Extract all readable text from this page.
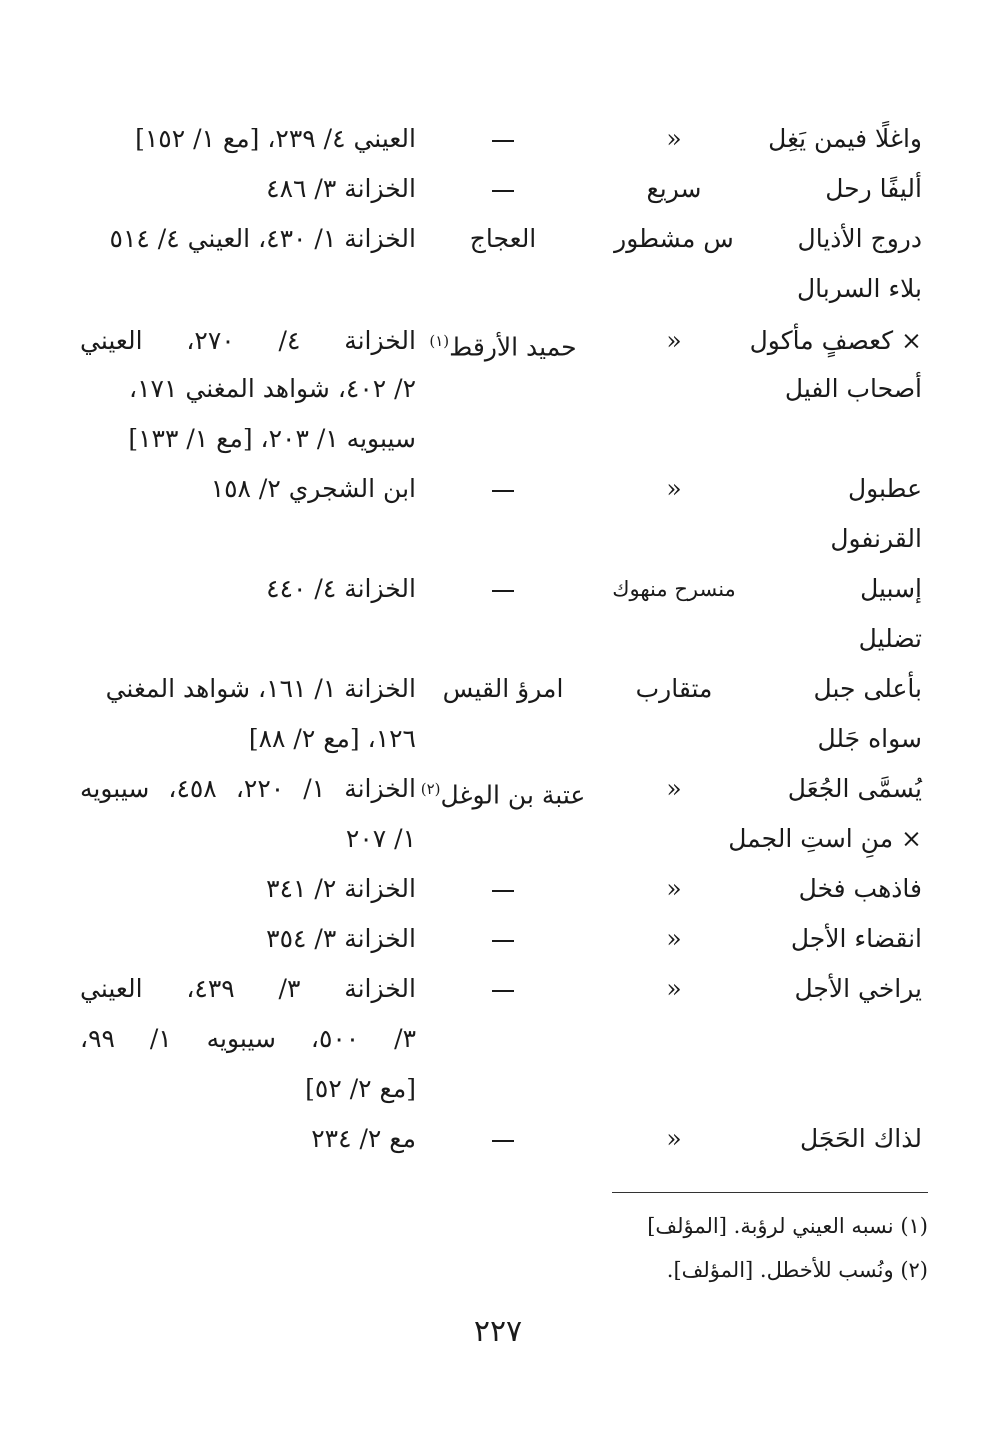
واغلًا فيمن يَغِل
«
العيني ٤/ ٢٣٩، [مع ١/ ١٥٢]
أليفًا رحل
سريع
الخزانة ٣/ ٤٨٦
دروج الأذيال
س مشطور
العجاج
الخزانة ١/ ٤٣٠، العيني ٤/ ٥١٤
بلاء السربال
× كعصفٍ مأكول
«
حميد الأرقط$^{(١)}$
الخزانة ٤/ ٢٧٠، العيني
أصحاب الفيل
٢/ ٤٠٢، شواهد المغني ١٧١،
سيبويه ١/ ٢٠٣، [مع ١/ ١٣٣]
عطبول
«
ابن الشجري ٢/ ١٥٨
القرنفول
إسبيل
منسرح منهوك
الخزانة ٤/ ٤٤٠
تضليل
بأعلى جبل
متقارب
امرؤ القيس
الخزانة ١/ ١٦١، شواهد المغني
سواه جَلل
١٢٦، [مع ٢/ ٨٨]
يُسمَّى الجُعَل
«
عتبة بن الوغل$^{(٢)}$
الخزانة ١/ ٢٢٠، ٤٥٨، سيبويه
× منِ استِ الجمل
١/ ٢٠٧
فاذهب فخل
«
الخزانة ٢/ ٣٤١
انقضاء الأجل
«
الخزانة ٣/ ٣٥٤
يراخي الأجل
«
الخزانة ٣/ ٤٣٩، العيني
٣/ ٥٠٠، سيبويه ١/ ٩٩،
[مع ٢/ ٥٢]
لذاك الحَجَل
«
مع ٢/ ٢٣٤
(١) نسبه العيني لرؤبة. [المؤلف]
(٢) ونُسب للأخطل. [المؤلف].
٢٢٧
